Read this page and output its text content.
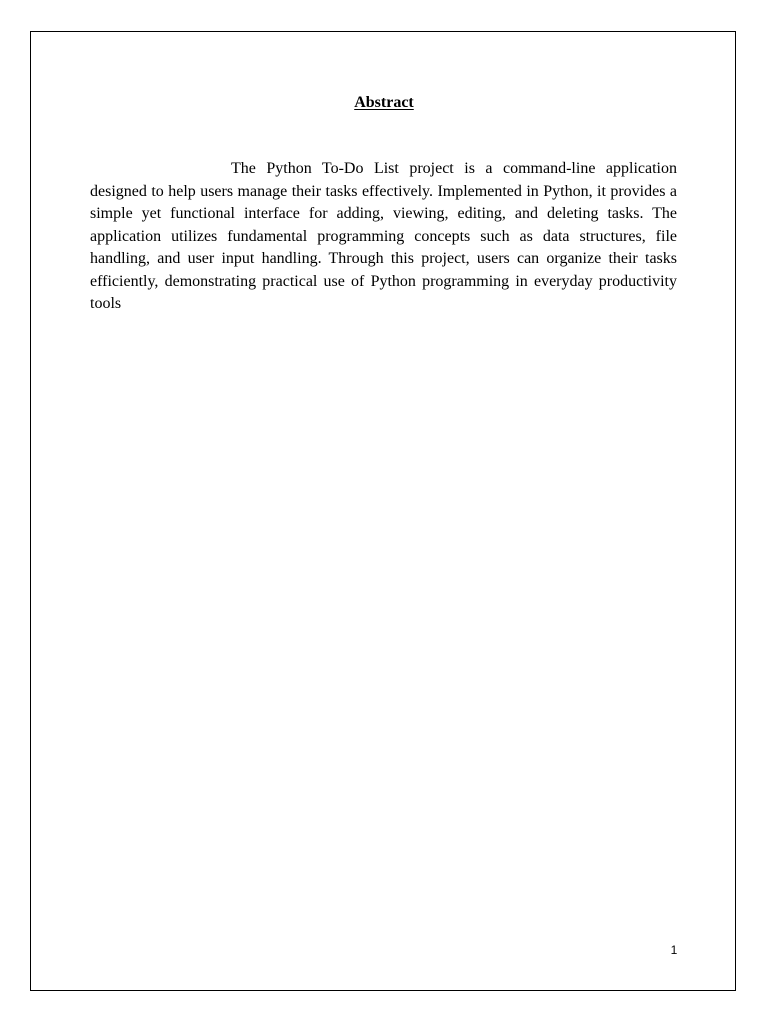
Abstract

The Python To-Do List project is a command-line application designed to help users manage their tasks effectively. Implemented in Python, it provides a simple yet functional interface for adding, viewing, editing, and deleting tasks. The application utilizes fundamental programming concepts such as data structures, file handling, and user input handling. Through this project, users can organize their tasks efficiently, demonstrating practical use of Python programming in everyday productivity tools

1
